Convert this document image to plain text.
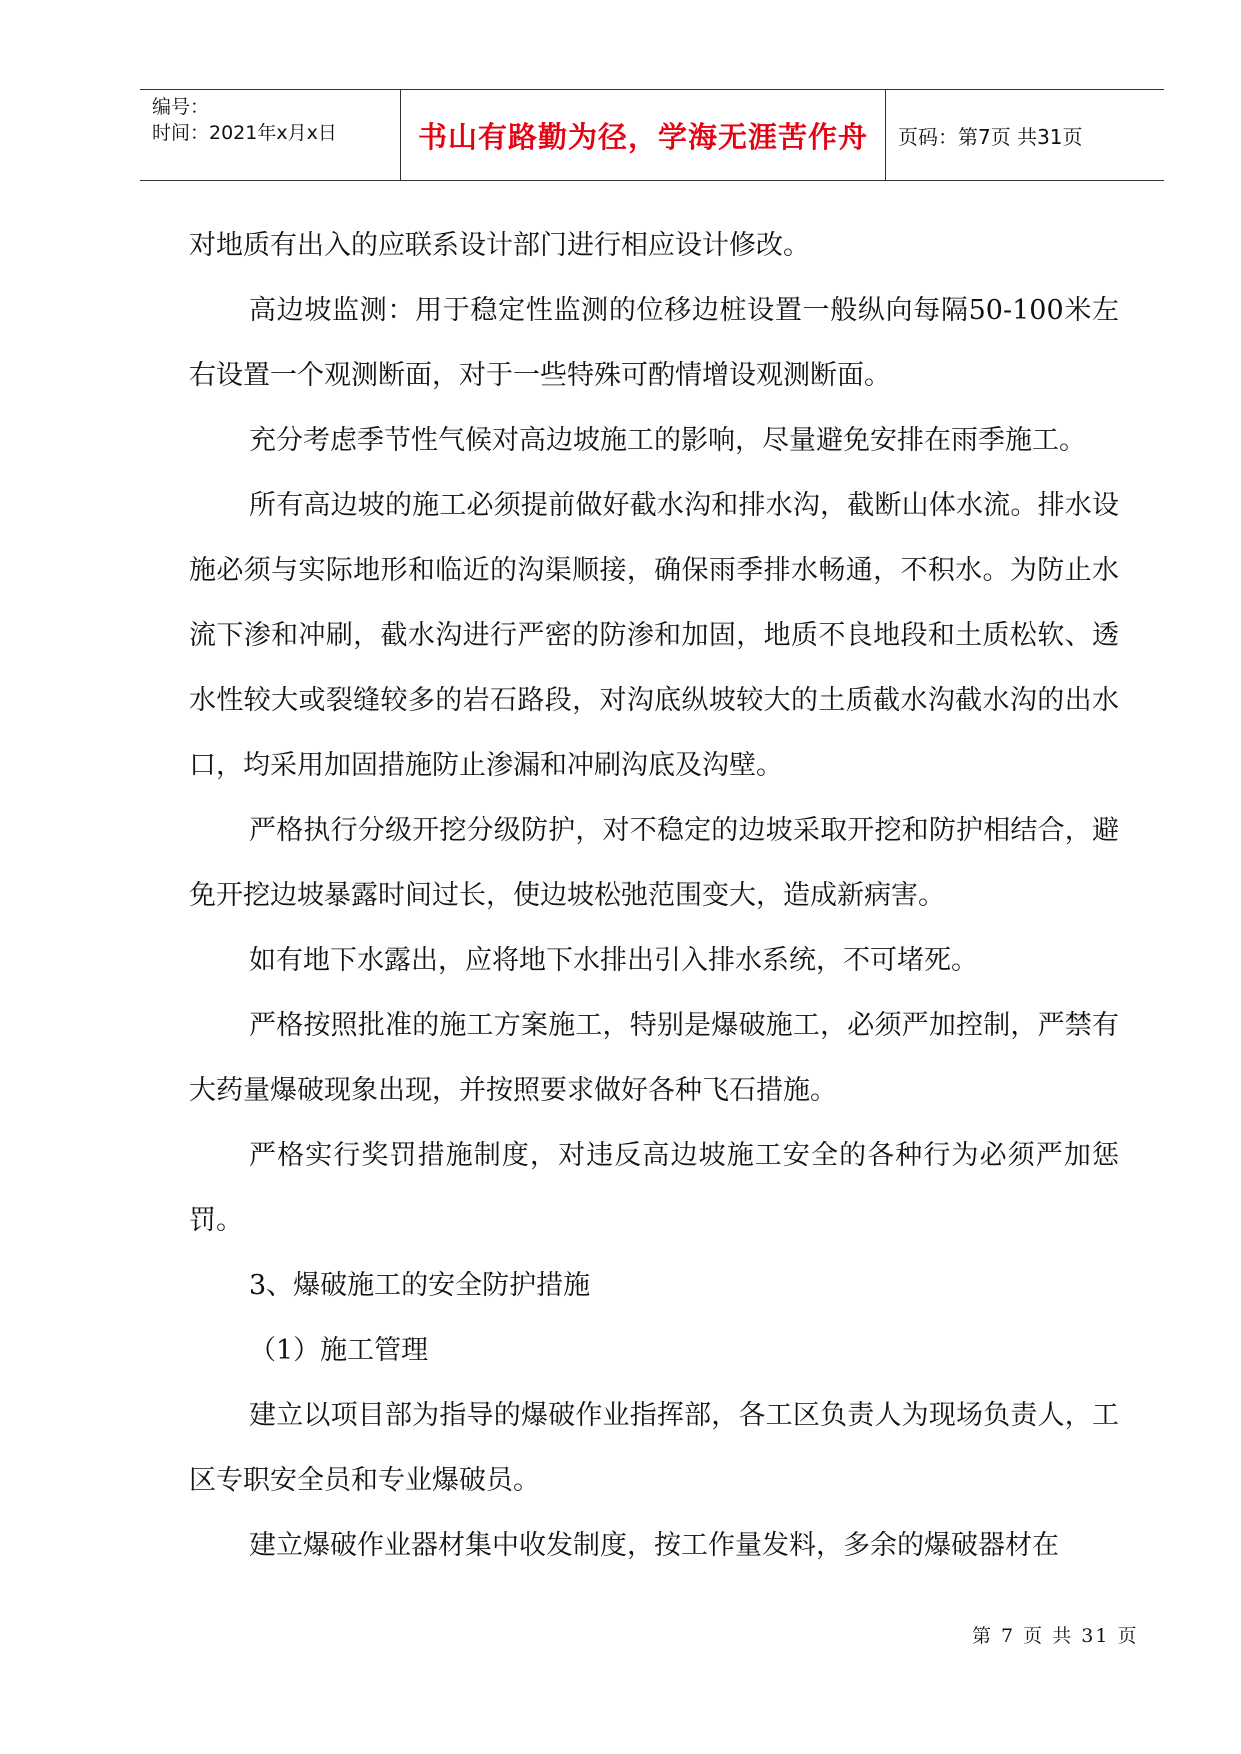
编号：
时间：2021年x月x日	书山有路勤为径，学海无涯苦作舟 页码：第7页 共31页

对地质有出入的应联系设计部门进行相应设计修改。

高边坡监测：用于稳定性监测的位移边桩设置一般纵向每隔50-100米左右设置一个观测断面，对于一些特殊可酌情增设观测断面。

充分考虑季节性气候对高边坡施工的影响，尽量避免安排在雨季施工。

所有高边坡的施工必须提前做好截水沟和排水沟，截断山体水流。排水设施必须与实际地形和临近的沟渠顺接，确保雨季排水畅通，不积水。为防止水流下渗和冲刷，截水沟进行严密的防渗和加固，地质不良地段和土质松软、透水性较大或裂缝较多的岩石路段，对沟底纵坡较大的土质截水沟截水沟的出水口，均采用加固措施防止渗漏和冲刷沟底及沟壁。

严格执行分级开挖分级防护，对不稳定的边坡采取开挖和防护相结合，避免开挖边坡暴露时间过长，使边坡松弛范围变大，造成新病害。

如有地下水露出，应将地下水排出引入排水系统，不可堵死。

严格按照批准的施工方案施工，特别是爆破施工，必须严加控制，严禁有大药量爆破现象出现，并按照要求做好各种飞石措施。

严格实行奖罚措施制度，对违反高边坡施工安全的各种行为必须严加惩罚。

3、爆破施工的安全防护措施

（1）施工管理

建立以项目部为指导的爆破作业指挥部，各工区负责人为现场负责人，工区专职安全员和专业爆破员。

建立爆破作业器材集中收发制度，按工作量发料，多余的爆破器材在

第 7 页 共 31 页
